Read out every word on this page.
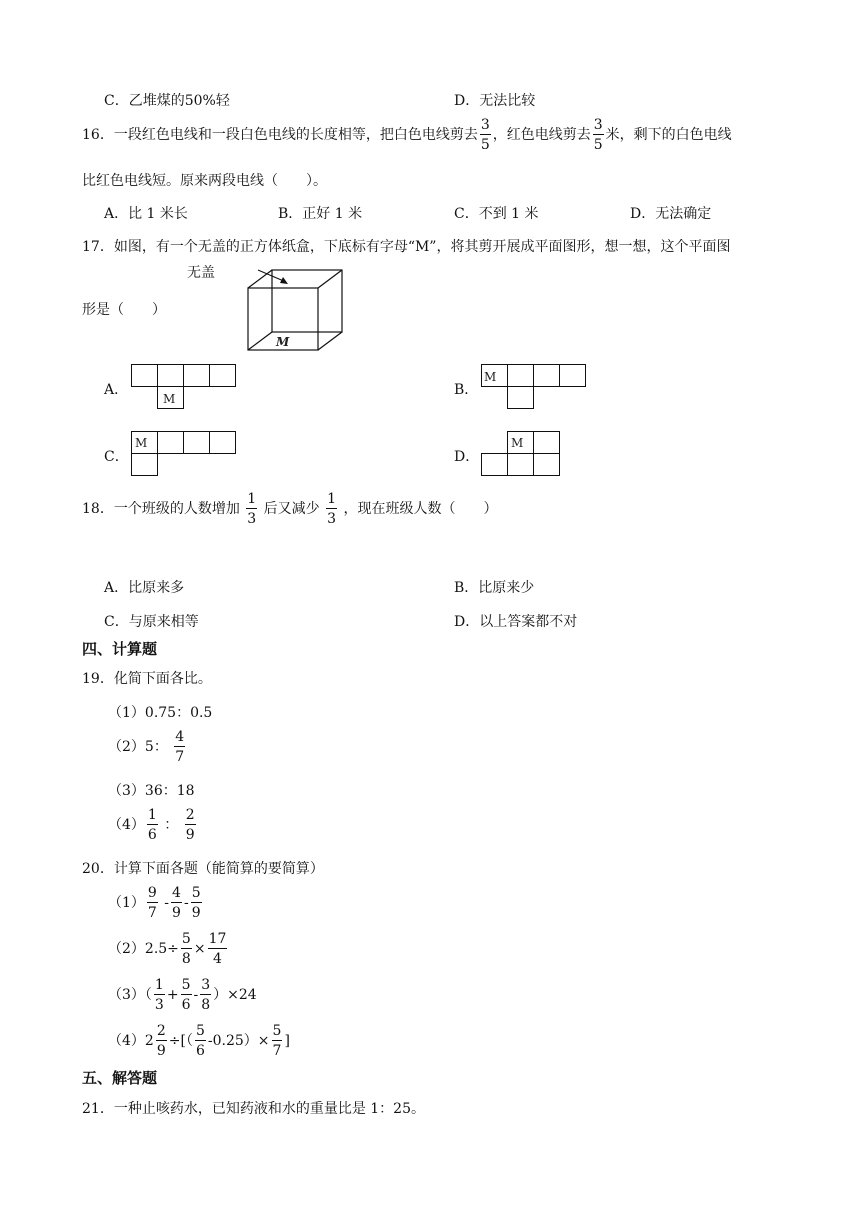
C．乙堆煤的50%轻	D．无法比较
16．一段红色电线和一段白色电线的长度相等，把白色电线剪去 $\frac{3}{5}$ ，红色电线剪去 $\frac{3}{5}$ 米，剩下的白色电线
比红色电线短。原来两段电线（　　）。
A．比 1 米长	B．正好 1 米	C．不到 1 米	D．无法确定
17．如图，有一个无盖的正方体纸盒，下底标有字母“M”，将其剪开展成平面图形，想一想，这个平面图
形是（　　）
无盖
M
A．
M
B．
M
C．
M
D．
M
18．一个班级的人数增加 $\frac{1}{3}$ 后又减少 $\frac{1}{3}$ ，现在班级人数（　　）
A．比原来多	B．比原来少
C．与原来相等	D．以上答案都不对
四、计算题
19．化简下面各比。
（1）0.75：0.5
（2）5： $\frac{4}{7}$
（3）36：18
$(4) \frac{1}{6}$ ： $\frac{2}{9}$
20．计算下面各题（能简算的要简算）
$(1) \frac{9}{7} - \frac{4}{9} - \frac{5}{9}$
$(2)2.5\div \frac{5}{8} \times \frac{17}{4}$
$(3)( \frac{1}{3} + \frac{5}{6} - \frac{3}{8} )\times 24$
$(4)2 \frac{2}{9}$ ÷[（ $\frac{5}{6} -0.25)\times \frac{5}{7}$ ]
五、解答题
21．一种止咳药水，已知药液和水的重量比是 1：25。
